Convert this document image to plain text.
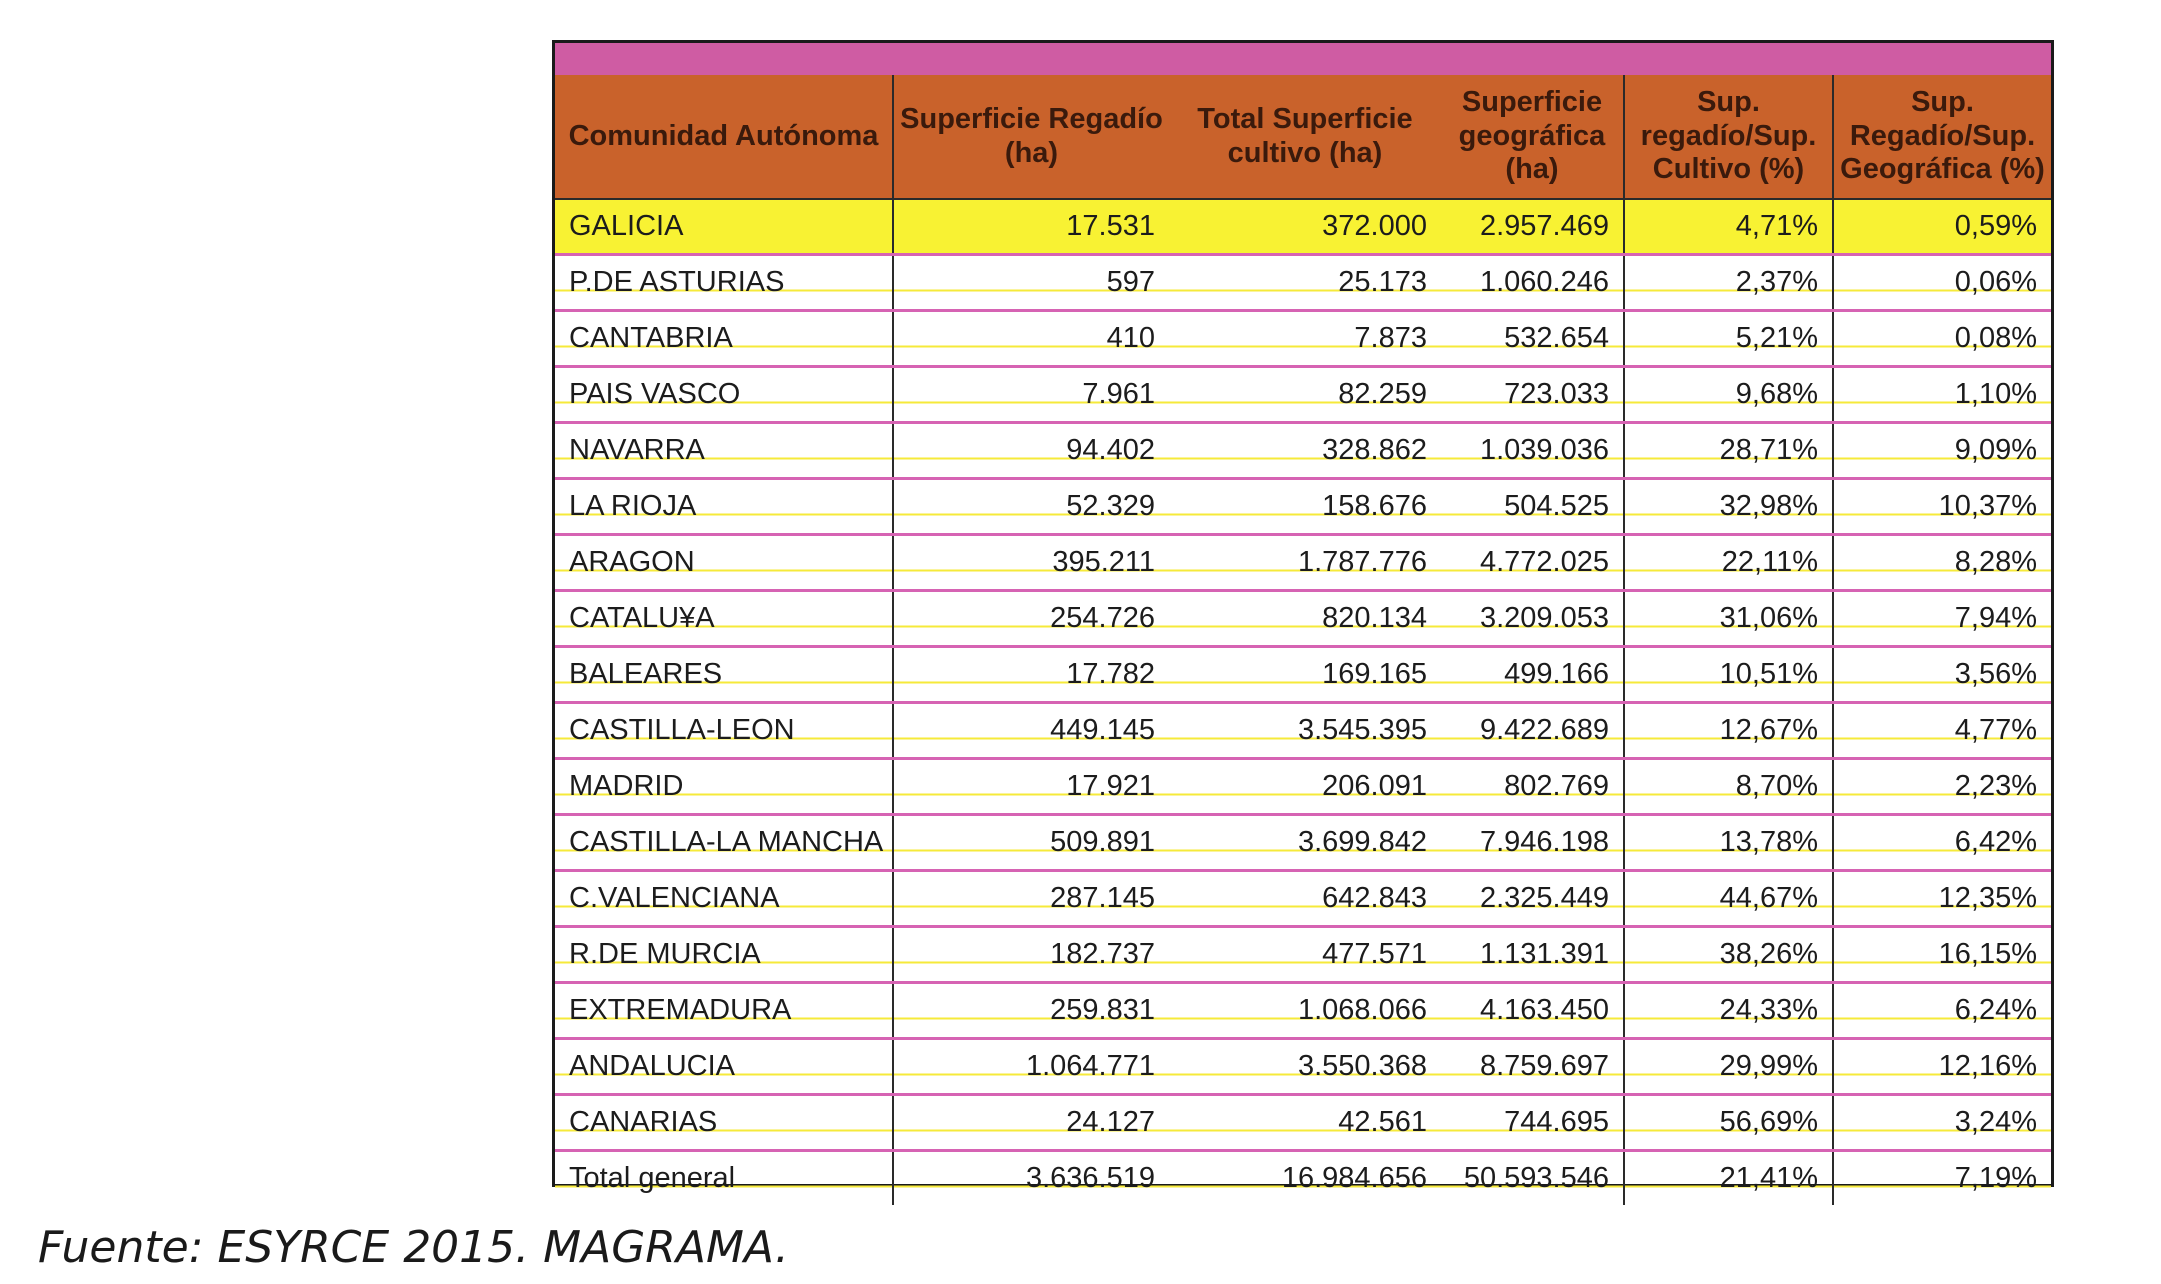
Comunidad Autónoma	Superficie Regadío (ha)	Total Superficie cultivo (ha)	Superficie geográfica (ha)	Sup. regadío/Sup. Cultivo (%)	Sup. Regadío/Sup. Geográfica (%)
GALICIA	17.531	372.000	2.957.469	4,71%	0,59%
P.DE ASTURIAS	597	25.173	1.060.246	2,37%	0,06%
CANTABRIA	410	7.873	532.654	5,21%	0,08%
PAIS VASCO	7.961	82.259	723.033	9,68%	1,10%
NAVARRA	94.402	328.862	1.039.036	28,71%	9,09%
LA RIOJA	52.329	158.676	504.525	32,98%	10,37%
ARAGON	395.211	1.787.776	4.772.025	22,11%	8,28%
CATALU¥A	254.726	820.134	3.209.053	31,06%	7,94%
BALEARES	17.782	169.165	499.166	10,51%	3,56%
CASTILLA-LEON	449.145	3.545.395	9.422.689	12,67%	4,77%
MADRID	17.921	206.091	802.769	8,70%	2,23%
CASTILLA-LA MANCHA	509.891	3.699.842	7.946.198	13,78%	6,42%
C.VALENCIANA	287.145	642.843	2.325.449	44,67%	12,35%
R.DE MURCIA	182.737	477.571	1.131.391	38,26%	16,15%
EXTREMADURA	259.831	1.068.066	4.163.450	24,33%	6,24%
ANDALUCIA	1.064.771	3.550.368	8.759.697	29,99%	12,16%
CANARIAS	24.127	42.561	744.695	56,69%	3,24%
Total general	3.636.519	16.984.656	50.593.546	21,41%	7,19%
Fuente: ESYRCE 2015. MAGRAMA.
